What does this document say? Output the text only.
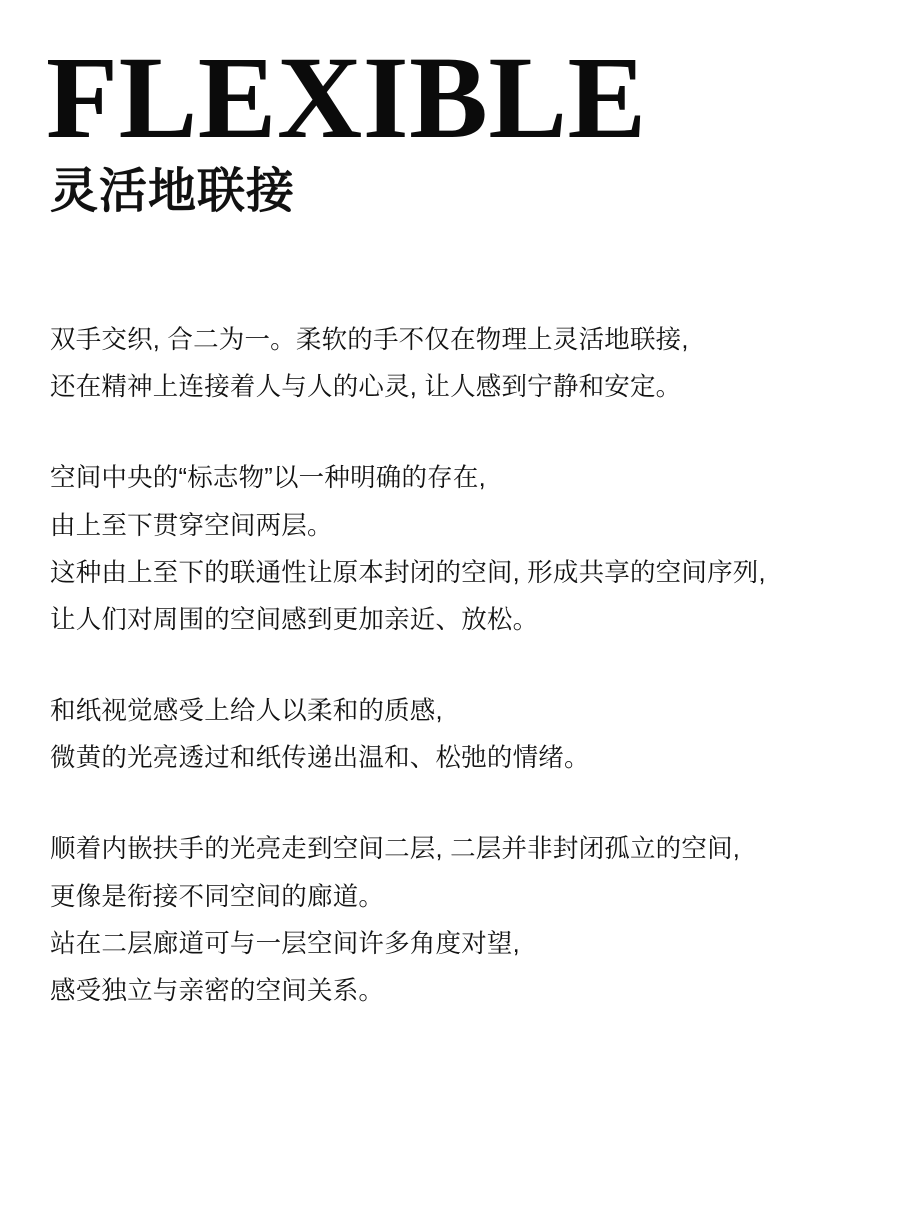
FLEXIBLE
灵活地联接

双手交织, 合二为一。柔软的手不仅在物理上灵活地联接,
还在精神上连接着人与人的心灵, 让人感到宁静和安定。

空间中央的“标志物”以一种明确的存在,
由上至下贯穿空间两层。
这种由上至下的联通性让原本封闭的空间, 形成共享的空间序列,
让人们对周围的空间感到更加亲近、放松。

和纸视觉感受上给人以柔和的质感,
微黄的光亮透过和纸传递出温和、松弛的情绪。

顺着内嵌扶手的光亮走到空间二层, 二层并非封闭孤立的空间,
更像是衔接不同空间的廊道。
站在二层廊道可与一层空间许多角度对望,
感受独立与亲密的空间关系。
